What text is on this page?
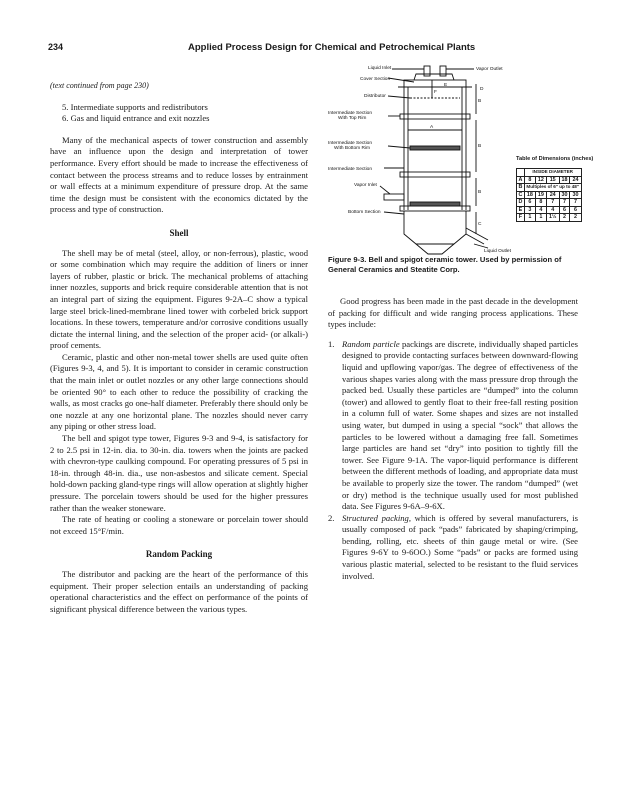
234	Applied Process Design for Chemical and Petrochemical Plants

(text continued from page 230)

5. Intermediate supports and redistributors

6. Gas and liquid entrance and exit nozzles

Many of the mechanical aspects of tower construction and assembly have an influence upon the design and interpretation of tower performance. Every effort should be made to increase the effectiveness of contact between the process streams and to reduce losses by entrainment or wall effects at a minimum expenditure of pressure drop. At the same time the design must be consistent with the economics dictated by the process and type of construction.

Shell

The shell may be of metal (steel, alloy, or non-ferrous), plastic, wood or some combination which may require the addition of liners or inner layers of rubber, plastic or brick. The mechanical problems of attaching inner nozzles, supports and brick require considerable attention that is not an integral part of sizing the equipment. Figures 9-2A–C show a typical large steel brick-lined-membrane lined tower with corbeled brick support locations. In these towers, temperature and/or corrosive conditions usually dictate the internal lining, and the selection of the proper acid- (or alkali-) proof cements.

Ceramic, plastic and other non-metal tower shells are used quite often (Figures 9-3, 4, and 5). It is important to consider in ceramic construction that the main inlet or outlet nozzles or any other large connections should be oriented 90° to each other to reduce the possibility of cracking the walls, as most cracks go one-half diameter. Preferably there should only be one nozzle at any one horizontal plane. The nozzles should never carry any piping or other stress load.

The bell and spigot type tower, Figures 9-3 and 9-4, is satisfactory for 2 to 2.5 psi in 12-in. dia. to 30-in. dia. towers when the joints are packed with chevron-type caulking compound. For operating pressures of 5 psi in 18-in. through 48-in. dia., use non-asbestos and silicate cement. Special hold-down packing gland-type rings will allow operation at slightly higher pressure. The porcelain towers should be used for the higher pressures rather than the weaker stoneware.

The rate of heating or cooling a stoneware or porcelain tower should not exceed 15°F/min.

Random Packing

The distributor and packing are the heart of the performance of this equipment. Their proper selection entails an understanding of packing operational characteristics and the effect on performance of the points of significant physical difference between the various types.

Liquid Inlet	Vapor Outlet
Cover Section
Distributor
Intermediate Section
With Top Rim
Intermediate Section
With Bottom Rim
Intermediate Section
Vapor Inlet
Bottom Section
Liquid Outlet
A
B
B
B
C
D
E
F
Table of Dimensions (inches)
	INSIDE DIAMETER				
A	8	12	15	18	24
B	Multiples of 6" up to 48"				
C	18	19	24	30	30
D	6	8	7	7	7
E	3	4	4	6	6
F	1	1	1½	2	2
Figure 9-3. Bell and spigot ceramic tower. Used by permission of General Ceramics and Steatite Corp.

Good progress has been made in the past decade in the development of packing for difficult and wide ranging process applications. These types include:

1. Random particle packings are discrete, individually shaped particles designed to provide contacting surfaces between downward-flowing liquid and upflowing vapor/gas. The degree of effectiveness of the various shapes varies along with the mass pressure drop through the packed bed. Usually these particles are “dumped” into the column (tower) and allowed to gently float to their free-fall resting position in a column full of water. Some shapes and sizes are not installed using water, but dumped in using a special “sock” that allows the particles to be lowered without a damaging free fall. Sometimes large particles are hand set “dry” into position to tightly fill the tower. See Figure 9-1A. The vapor-liquid performance is different between the different methods of loading, and appropriate data must be available to properly size the tower. The random “dumped” (wet or dry) method is the technique usually used for most published data. See Figures 9-6A–9-6X.
2. Structured packing, which is offered by several manufacturers, is usually composed of pack “pads” fabricated by shaping/crimping, bending, rolling, etc. sheets of thin gauge metal or wire. (See Figures 9-6Y to 9-6OO.) Some “pads” or packs are formed using various plastic material, selected to be resistant to the fluid services involved.
